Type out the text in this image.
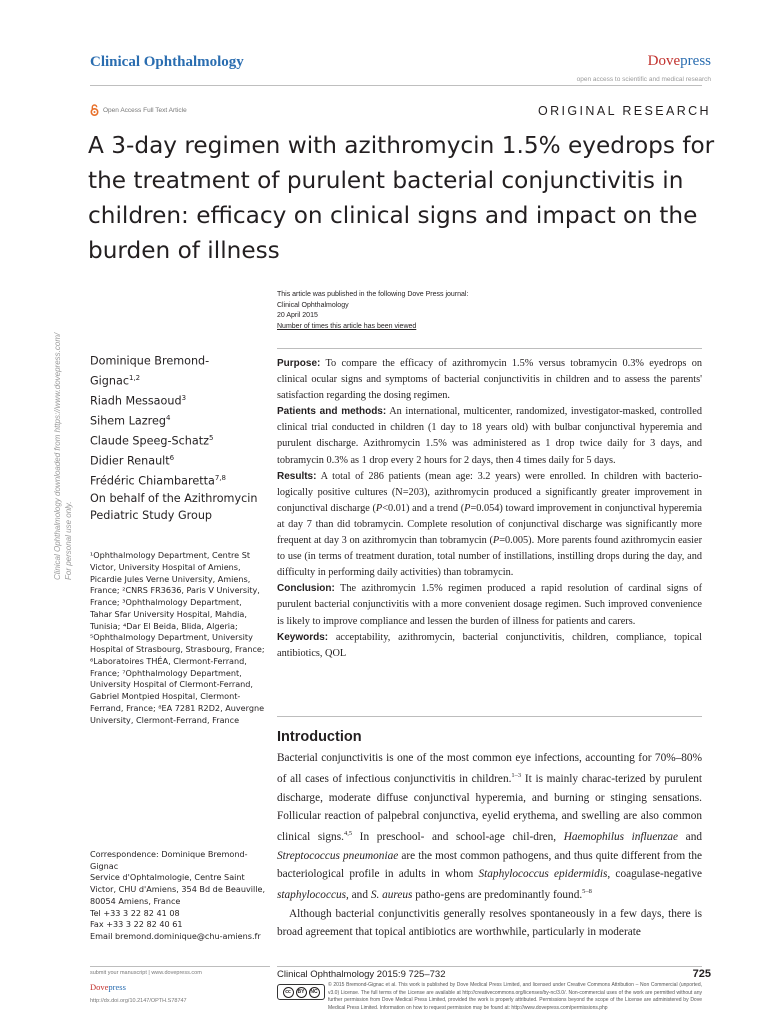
Clinical Ophthalmology	Dovepress
open access to scientific and medical research
Open Access Full Text Article	ORIGINAL RESEARCH
A 3-day regimen with azithromycin 1.5% eyedrops for the treatment of purulent bacterial conjunctivitis in children: efficacy on clinical signs and impact on the burden of illness
Clinical Ophthalmology downloaded from https://www.dovepress.com/ For personal use only.
This article was published in the following Dove Press journal:
Clinical Ophthalmology
20 April 2015
Number of times this article has been viewed
Dominique Bremond-
Gignac$^{1,2}$
Riadh Messaoud$^3$
Sihem Lazreg$^4$
Claude Speeg-Schatz$^5$
Didier Renault$^6$
Frédéric Chiambaretta$^{7,8}$
On behalf of the Azithromycin Pediatric Study Group
¹Ophthalmology Department, Centre St Victor, University Hospital of Amiens, Picardie Jules Verne University, Amiens, France; ²CNRS FR3636, Paris V University, France; ³Ophthalmology Department, Tahar Sfar University Hospital, Mahdia, Tunisia; ⁴Dar El Beida, Blida, Algeria; ⁵Ophthalmology Department, University Hospital of Strasbourg, Strasbourg, France; ⁶Laboratoires THÉA, Clermont-Ferrand, France; ⁷Ophthalmology Department, University Hospital of Clermont-Ferrand, Gabriel Montpied Hospital, Clermont-Ferrand, France; ⁸EA 7281 R2D2, Auvergne University, Clermont-Ferrand, France
Correspondence: Dominique Bremond-Gignac
Service d'Ophtalmologie, Centre Saint Victor, CHU d'Amiens, 354 Bd de Beauville, 80054 Amiens, France
Tel +33 3 22 82 41 08
Fax +33 3 22 82 40 61
Email bremond.dominique@chu-amiens.fr

Purpose: To compare the efficacy of azithromycin 1.5% versus tobramycin 0.3% eyedrops on clinical ocular signs and symptoms of bacterial conjunctivitis in children and to assess the parents' satisfaction regarding the dosing regimen.

Patients and methods: An international, multicenter, randomized, investigator-masked, controlled clinical trial conducted in children (1 day to 18 years old) with bulbar conjunctival hyperemia and purulent discharge. Azithromycin 1.5% was administered as 1 drop twice daily for 3 days, and tobramycin 0.3% as 1 drop every 2 hours for 2 days, then 4 times daily for 5 days.

Results: A total of 286 patients (mean age: 3.2 years) were enrolled. In children with bacterio-logically positive cultures (N=203), azithromycin produced a significantly greater improvement in conjunctival discharge (P<0.01) and a trend (P=0.054) toward improvement in conjunctival hyperemia at day 7 than did tobramycin. Complete resolution of conjunctival discharge was significantly more frequent at day 3 on azithromycin than tobramycin (P=0.005). More parents found azithromycin easier to use (in terms of treatment duration, total number of instillations, instilling drops during the day, and difficulty in performing daily activities) than tobramycin.

Conclusion: The azithromycin 1.5% regimen produced a rapid resolution of cardinal signs of purulent bacterial conjunctivitis with a more convenient dosage regimen. Such improved convenience is likely to improve compliance and lessen the burden of illness for patients and carers.

Keywords: acceptability, azithromycin, bacterial conjunctivitis, children, compliance, topical antibiotics, QOL

Introduction

Bacterial conjunctivitis is one of the most common eye infections, accounting for 70%–80% of all cases of infectious conjunctivitis in children.$^{1-3}$ It is mainly charac-terized by purulent discharge, moderate diffuse conjunctival hyperemia, and burning or stinging sensations. Follicular reaction of palpebral conjunctiva, eyelid erythema, and swelling are also common clinical signs.$^{4,5}$ In preschool- and school-age chil-dren, Haemophilus influenzae and Streptococcus pneumoniae are the most common pathogens, and thus quite different from the bacteriological profile in adults in whom Staphylococcus epidermidis, coagulase-negative staphylococcus, and S. aureus patho-gens are predominantly found.$^{5-8}$

Although bacterial conjunctivitis generally resolves spontaneously in a few days, there is broad agreement that topical antibiotics are worthwhile, particularly in moderate

submit your manuscript | www.dovepress.com
Dovepress
http://dx.doi.org/10.2147/OPTH.S78747
Clinical Ophthalmology 2015:9 725–732	725
cc	BY	NC
© 2015 Bremond-Gignac et al. This work is published by Dove Medical Press Limited, and licensed under Creative Commons Attribution – Non Commercial (unported, v3.0) License. The full terms of the License are available at http://creativecommons.org/licenses/by-nc/3.0/. Non-commercial uses of the work are permitted without any further permission from Dove Medical Press Limited, provided the work is properly attributed. Permissions beyond the scope of the License are administered by Dove Medical Press Limited. Information on how to request permission may be found at: http://www.dovepress.com/permissions.php
